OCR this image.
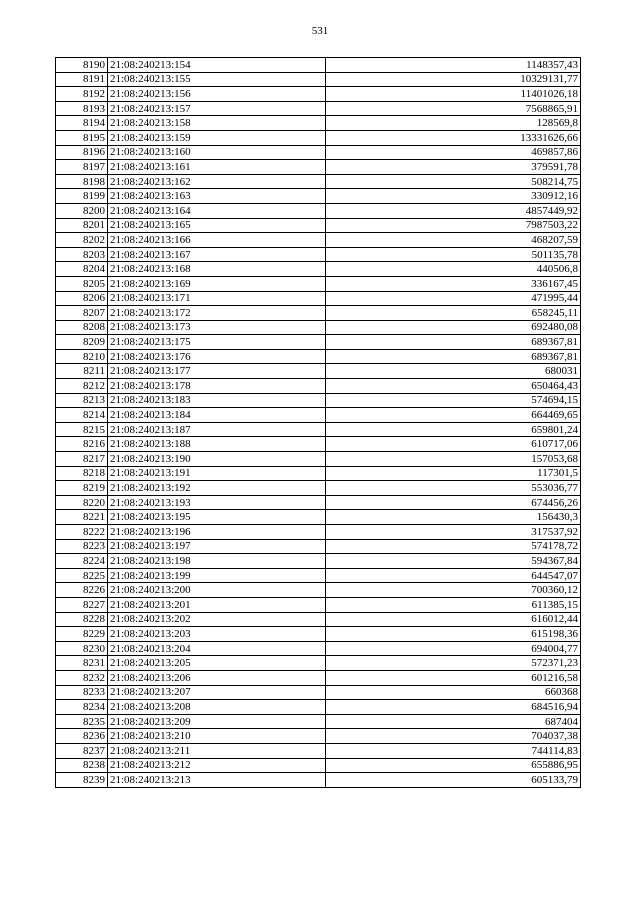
531
8190	21:08:240213:154	1148357,43
8191	21:08:240213:155	10329131,77
8192	21:08:240213:156	11401026,18
8193	21:08:240213:157	7568865,91
8194	21:08:240213:158	128569,8
8195	21:08:240213:159	13331626,66
8196	21:08:240213:160	469857,86
8197	21:08:240213:161	379591,78
8198	21:08:240213:162	508214,75
8199	21:08:240213:163	330912,16
8200	21:08:240213:164	4857449,92
8201	21:08:240213:165	7987503,22
8202	21:08:240213:166	468207,59
8203	21:08:240213:167	501135,78
8204	21:08:240213:168	440506,8
8205	21:08:240213:169	336167,45
8206	21:08:240213:171	471995,44
8207	21:08:240213:172	658245,11
8208	21:08:240213:173	692480,08
8209	21:08:240213:175	689367,81
8210	21:08:240213:176	689367,81
8211	21:08:240213:177	680031
8212	21:08:240213:178	650464,43
8213	21:08:240213:183	574694,15
8214	21:08:240213:184	664469,65
8215	21:08:240213:187	659801,24
8216	21:08:240213:188	610717,06
8217	21:08:240213:190	157053,68
8218	21:08:240213:191	117301,5
8219	21:08:240213:192	553036,77
8220	21:08:240213:193	674456,26
8221	21:08:240213:195	156430,3
8222	21:08:240213:196	317537,92
8223	21:08:240213:197	574178,72
8224	21:08:240213:198	594367,84
8225	21:08:240213:199	644547,07
8226	21:08:240213:200	700360,12
8227	21:08:240213:201	611385,15
8228	21:08:240213:202	616012,44
8229	21:08:240213:203	615198,36
8230	21:08:240213:204	694004,77
8231	21:08:240213:205	572371,23
8232	21:08:240213:206	601216,58
8233	21:08:240213:207	660368
8234	21:08:240213:208	684516,94
8235	21:08:240213:209	687404
8236	21:08:240213:210	704037,38
8237	21:08:240213:211	744114,83
8238	21:08:240213:212	655886,95
8239	21:08:240213:213	605133,79
